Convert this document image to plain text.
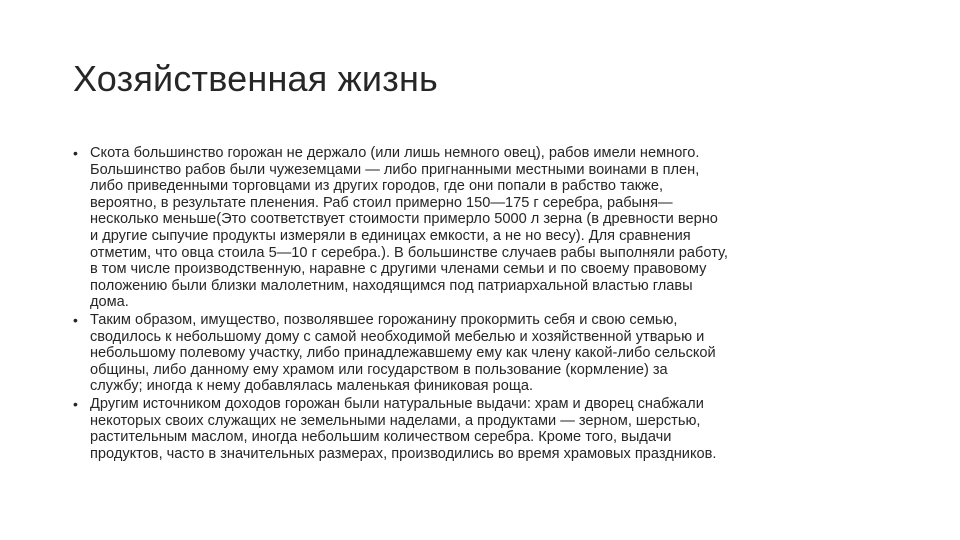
Хозяйственная жизнь
• Скота большинство горожан не держало (или лишь немного овец), рабов имели немного.
Большинство рабов были чужеземцами — либо пригнанными местными воинами в плен,
либо приведенными торговцами из других городов, где они попали в рабство также,
вероятно, в результате пленения. Раб стоил примерно 150—175 г серебра, рабыня—
несколько меньше(Это соответствует стоимости примерло 5000 л зерна (в древности верно
и другие сыпучие продукты измеряли в единицах емкости, а не но весу). Для сравнения
отметим, что овца стоила 5—10 г серебра.). В большинстве случаев рабы выполняли работу,
в том числе производственную, наравне с другими членами семьи и по своему правовому
положению были близки малолетним, находящимся под патриархальной властью главы
дома.
• Таким образом, имущество, позволявшее горожанину прокормить себя и свою семью,
сводилось к небольшому дому с самой необходимой мебелью и хозяйственной утварью и
небольшому полевому участку, либо принадлежавшему ему как члену какой-либо сельской
общины, либо данному ему храмом или государством в пользование (кормление) за
службу; иногда к нему добавлялась маленькая финиковая роща.
• Другим источником доходов горожан были натуральные выдачи: храм и дворец снабжали
некоторых своих служащих не земельными наделами, а продуктами — зерном, шерстью,
растительным маслом, иногда небольшим количеством серебра. Кроме того, выдачи
продуктов, часто в значительных размерах, производились во время храмовых праздников.
